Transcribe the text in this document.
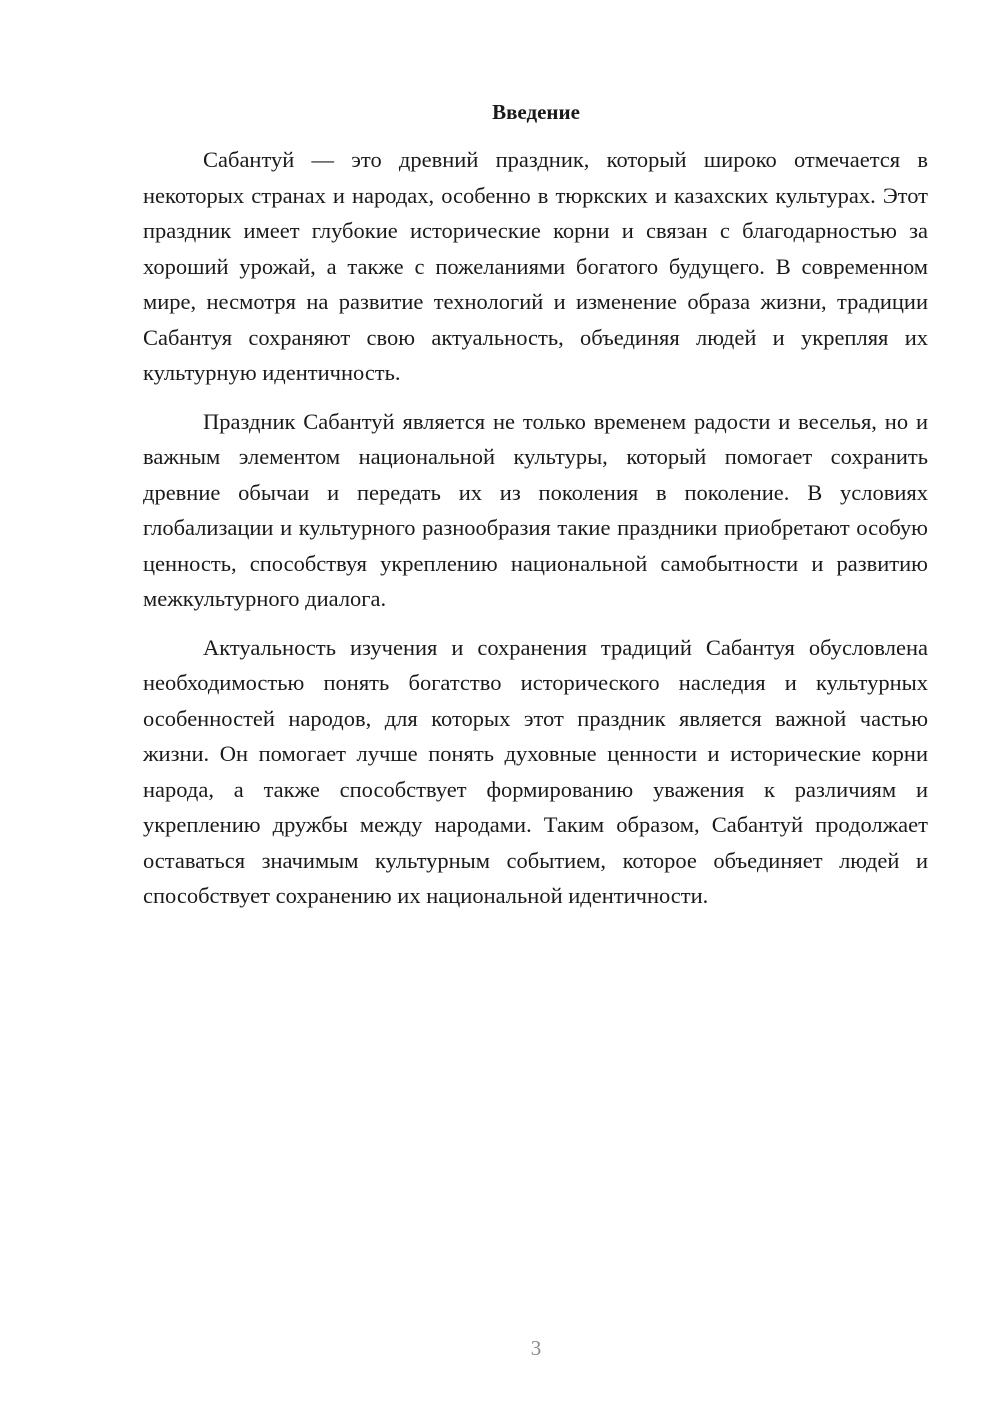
Введение

Сабантуй — это древний праздник, который широко отмечается в некоторых странах и народах, особенно в тюркских и казахских культурах. Этот праздник имеет глубокие исторические корни и связан с благодарностью за хороший урожай, а также с пожеланиями богатого будущего. В современном мире, несмотря на развитие технологий и изменение образа жизни, традиции Сабантуя сохраняют свою актуальность, объединяя людей и укрепляя их культурную идентичность.

Праздник Сабантуй является не только временем радости и веселья, но и важным элементом национальной культуры, который помогает сохранить древние обычаи и передать их из поколения в поколение. В условиях глобализации и культурного разнообразия такие праздники приобретают особую ценность, способствуя укреплению национальной самобытности и развитию межкультурного диалога.

Актуальность изучения и сохранения традиций Сабантуя обусловлена необходимостью понять богатство исторического наследия и культурных особенностей народов, для которых этот праздник является важной частью жизни. Он помогает лучше понять духовные ценности и исторические корни народа, а также способствует формированию уважения к различиям и укреплению дружбы между народами. Таким образом, Сабантуй продолжает оставаться значимым культурным событием, которое объединяет людей и способствует сохранению их национальной идентичности.

3
